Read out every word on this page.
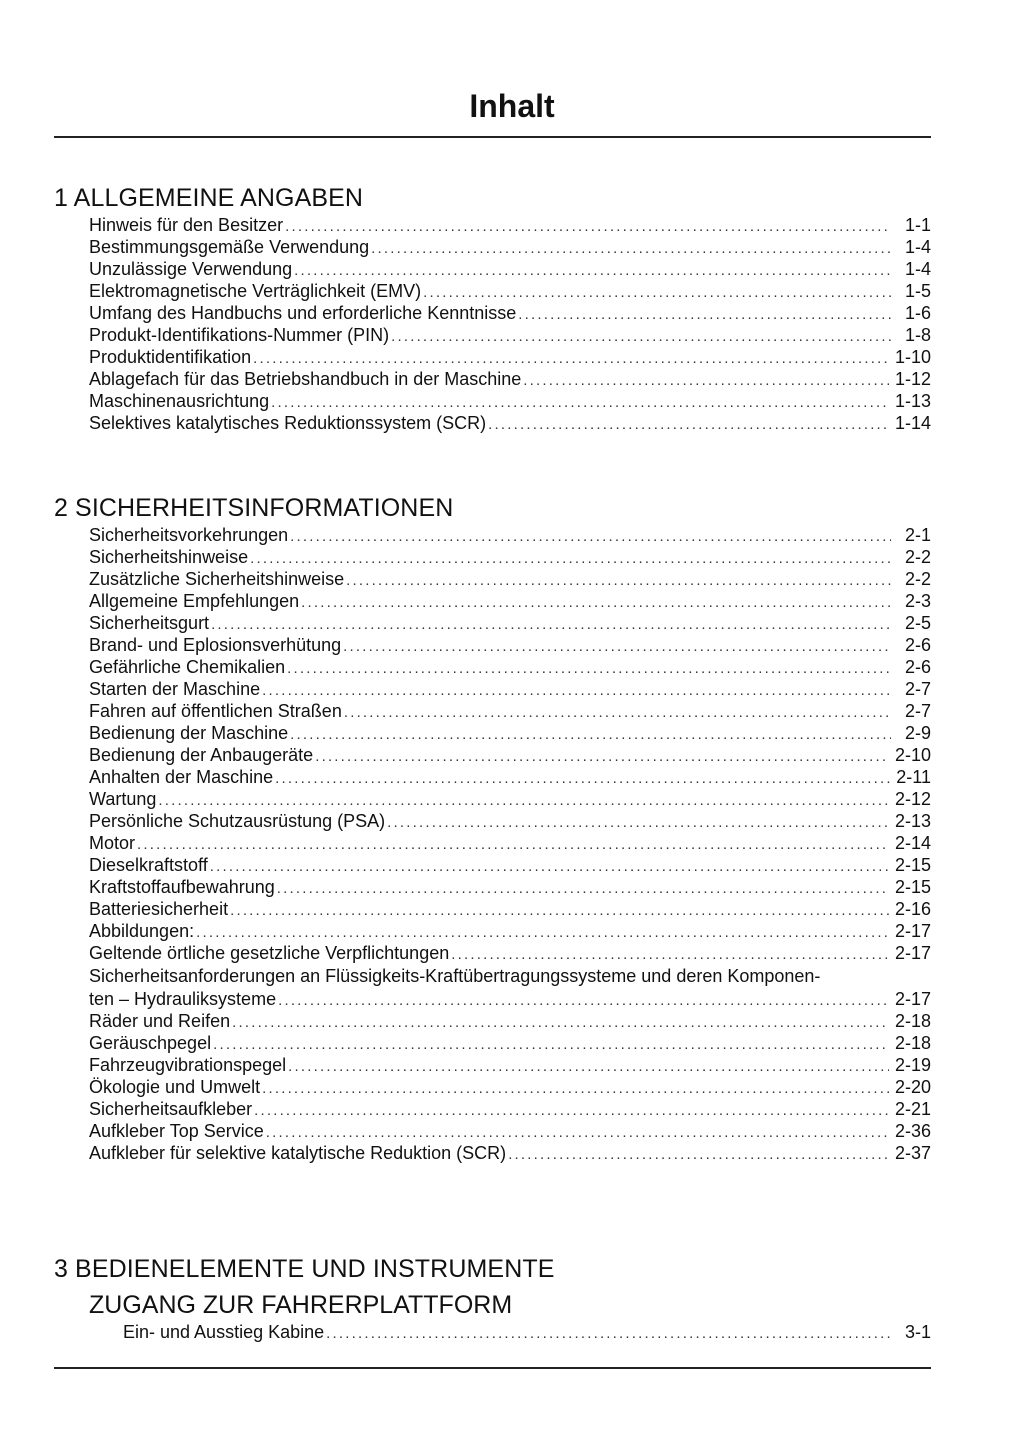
Inhalt
1 ALLGEMEINE ANGABEN
Hinweis für den Besitzer .....	1-1
Bestimmungsgemäße Verwendung .....	1-4
Unzulässige Verwendung .....	1-4
Elektromagnetische Verträglichkeit (EMV) .....	1-5
Umfang des Handbuchs und erforderliche Kenntnisse .....	1-6
Produkt-Identifikations-Nummer (PIN) .....	1-8
Produktidentifikation .....	1-10
Ablagefach für das Betriebshandbuch in der Maschine .....	1-12
Maschinenausrichtung .....	1-13
Selektives katalytisches Reduktionssystem (SCR) .....	1-14
2 SICHERHEITSINFORMATIONEN
Sicherheitsvorkehrungen .....	2-1
Sicherheitshinweise .....	2-2
Zusätzliche Sicherheitshinweise .....	2-2
Allgemeine Empfehlungen .....	2-3
Sicherheitsgurt .....	2-5
Brand- und Eplosionsverhütung .....	2-6
Gefährliche Chemikalien .....	2-6
Starten der Maschine .....	2-7
Fahren auf öffentlichen Straßen .....	2-7
Bedienung der Maschine .....	2-9
Bedienung der Anbaugeräte .....	2-10
Anhalten der Maschine .....	2-11
Wartung .....	2-12
Persönliche Schutzausrüstung (PSA) .....	2-13
Motor .....	2-14
Dieselkraftstoff .....	2-15
Kraftstoffaufbewahrung .....	2-15
Batteriesicherheit .....	2-16
Abbildungen: .....	2-17
Geltende örtliche gesetzliche Verpflichtungen .....	2-17
Sicherheitsanforderungen an Flüssigkeits-Kraftübertragungssysteme und deren Komponen-
ten – Hydrauliksysteme .....	2-17
Räder und Reifen .....	2-18
Geräuschpegel .....	2-18
Fahrzeugvibrationspegel .....	2-19
Ökologie und Umwelt .....	2-20
Sicherheitsaufkleber .....	2-21
Aufkleber Top Service .....	2-36
Aufkleber für selektive katalytische Reduktion (SCR) .....	2-37
3 BEDIENELEMENTE UND INSTRUMENTE
ZUGANG ZUR FAHRERPLATTFORM
Ein- und Ausstieg Kabine .....	3-1
